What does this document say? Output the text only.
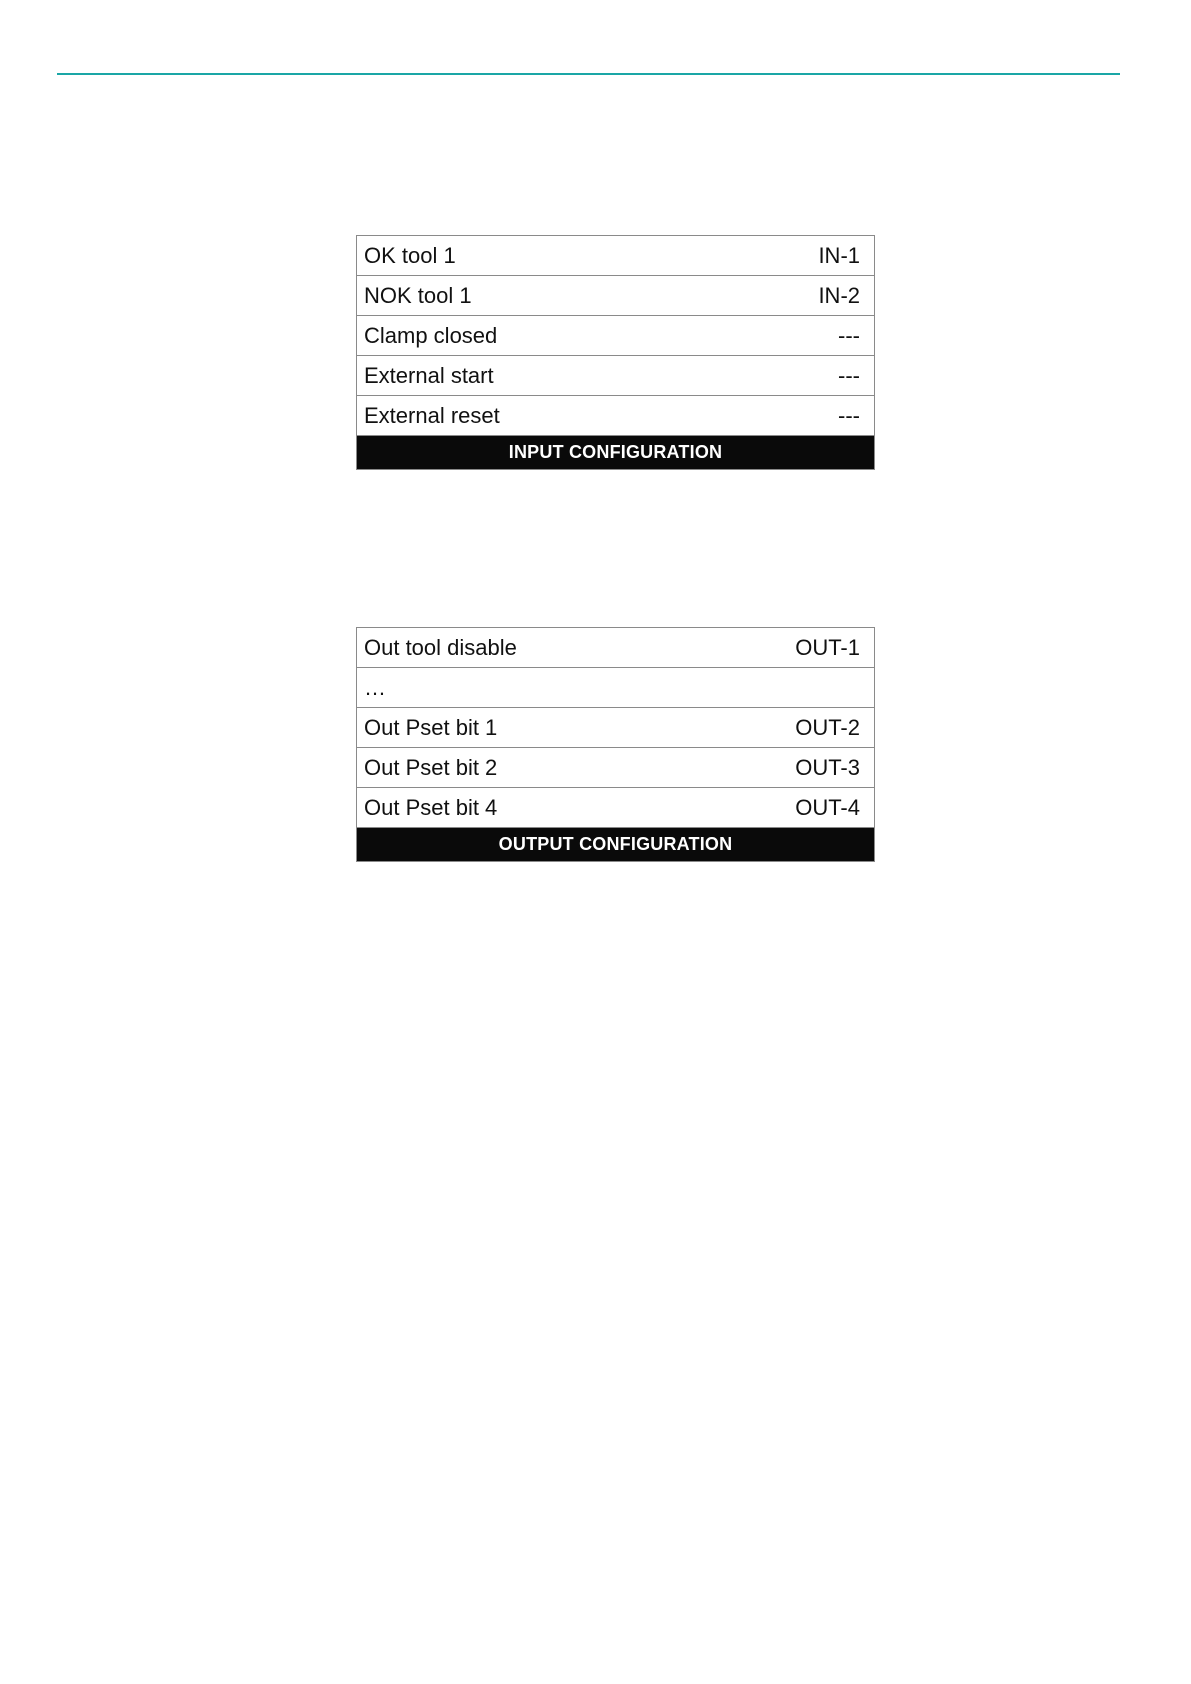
OK tool 1	IN-1
NOK tool 1	IN-2
Clamp closed	---
External start	---
External reset	---
INPUT CONFIGURATION
Out tool disable	OUT-1
…
Out Pset bit 1	OUT-2
Out Pset bit 2	OUT-3
Out Pset bit 4	OUT-4
OUTPUT CONFIGURATION
